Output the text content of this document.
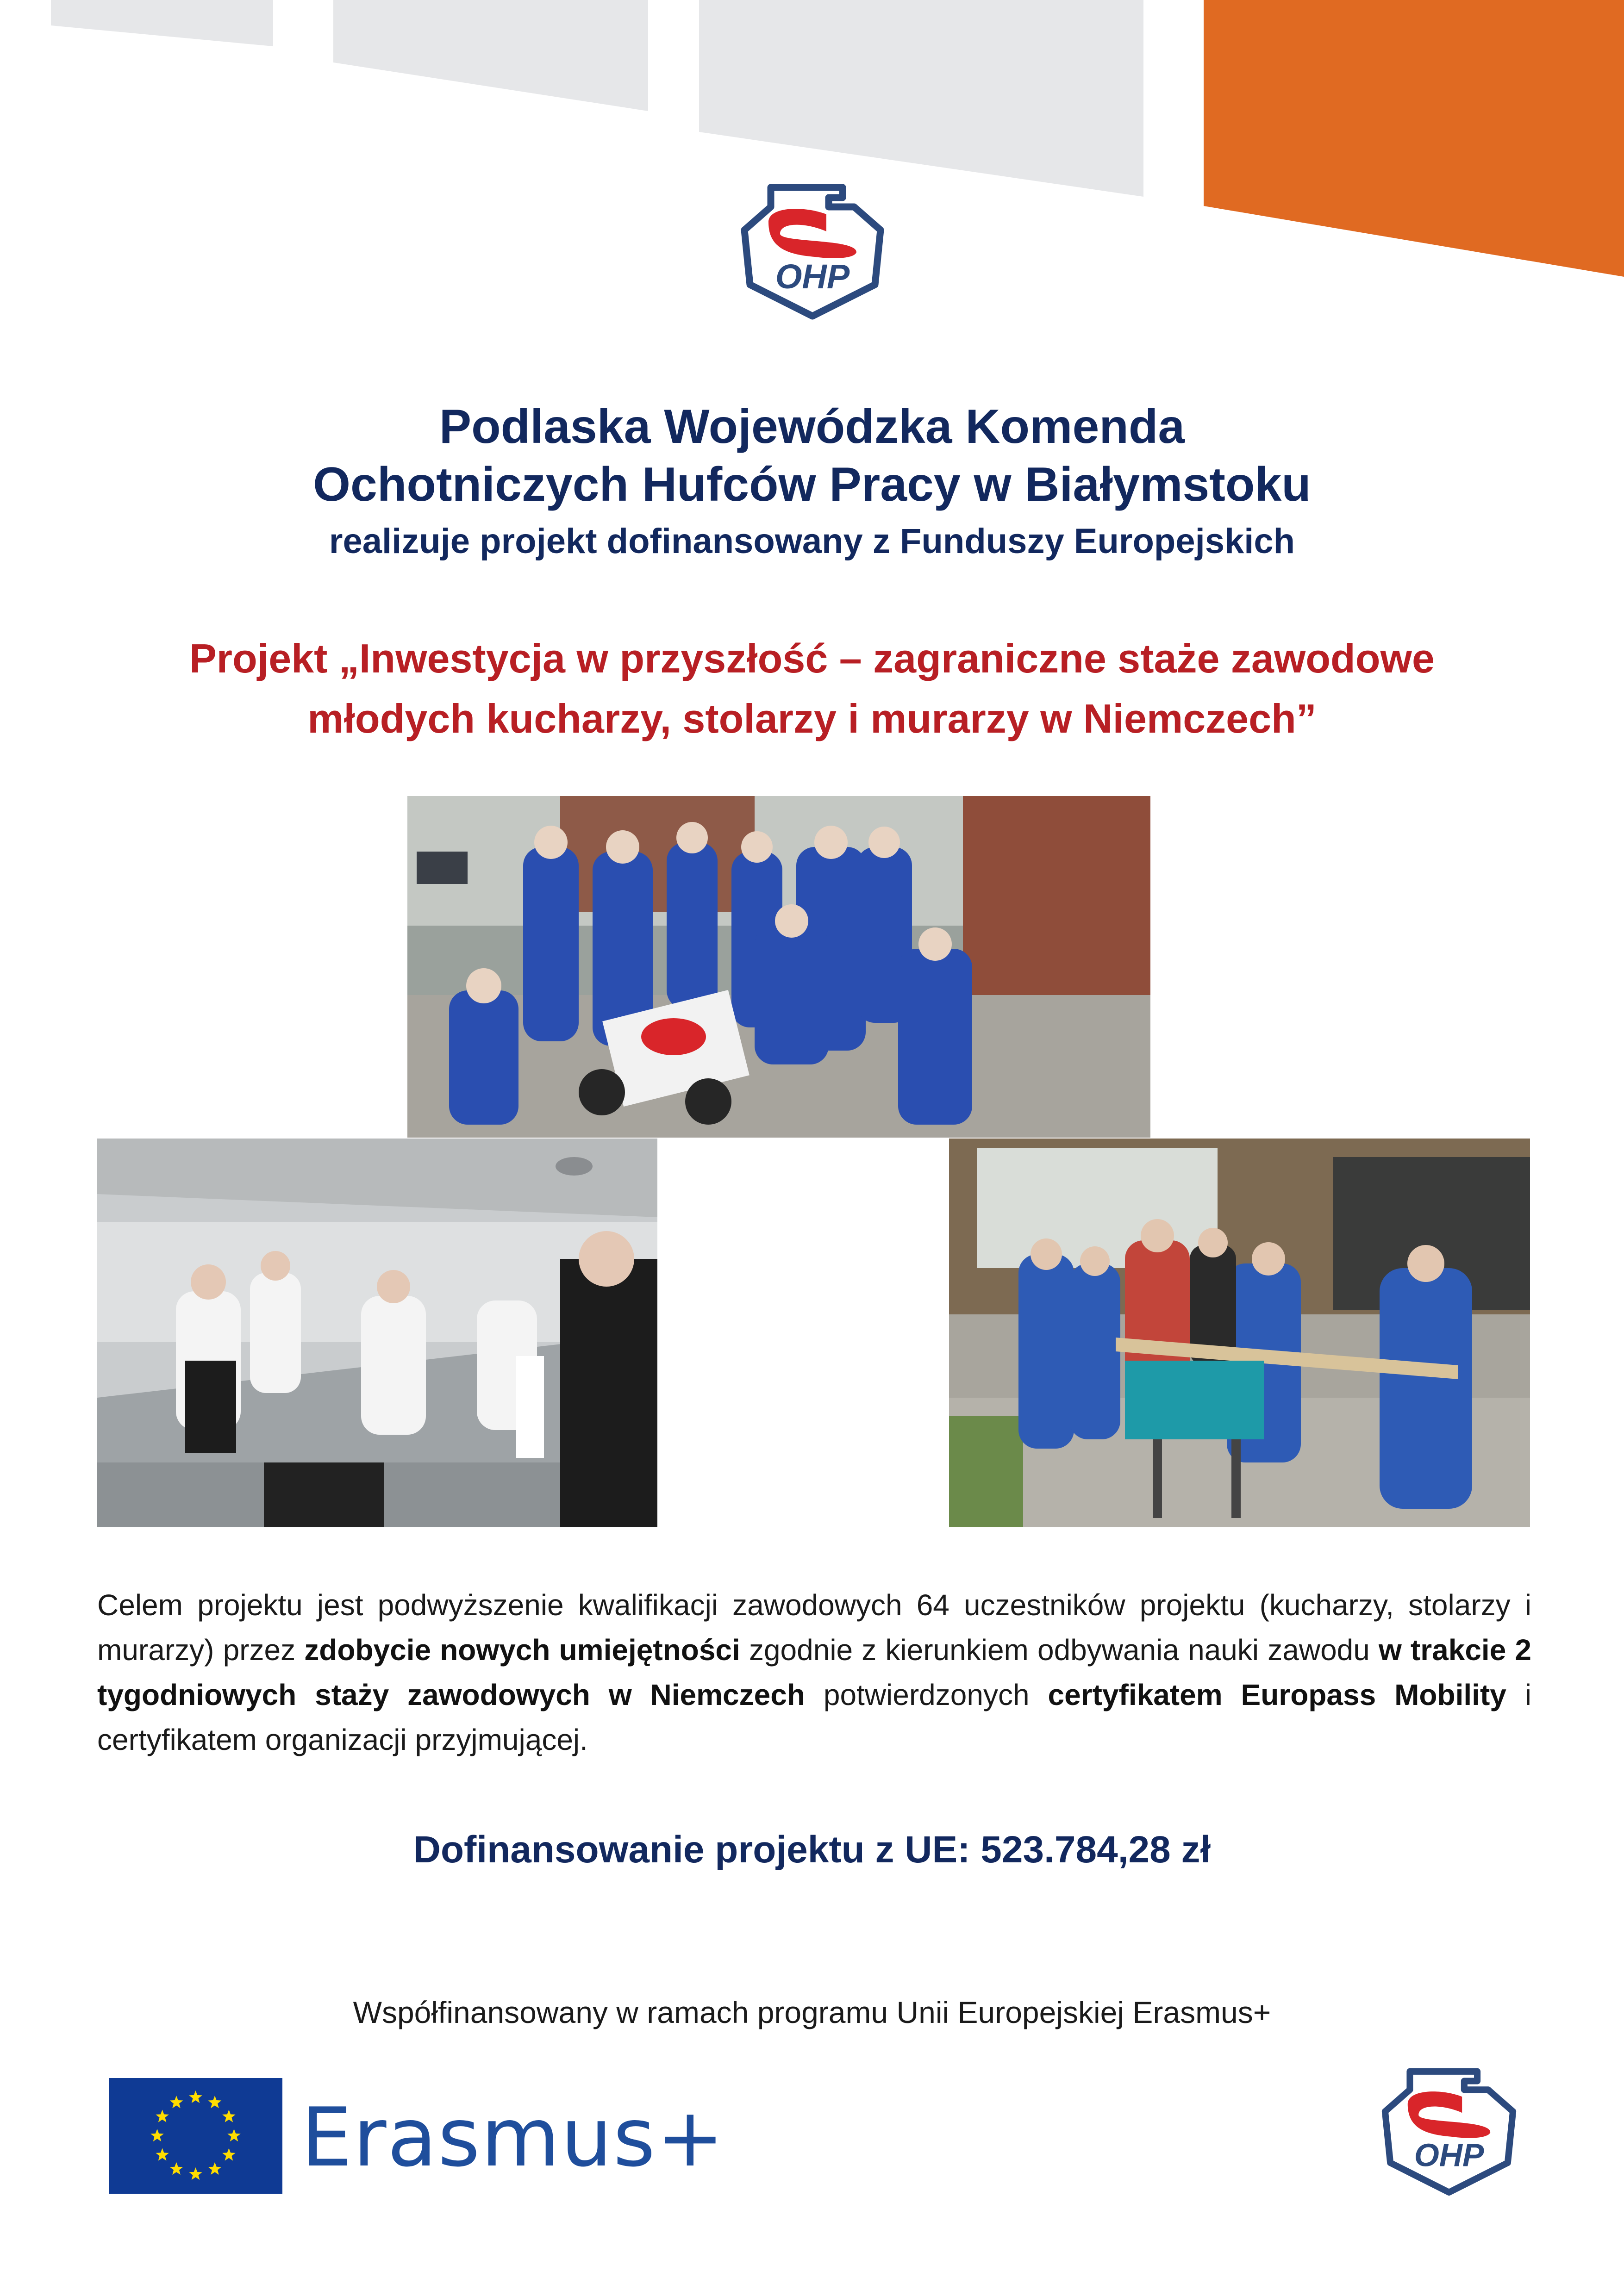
OHP
Podlaska Wojewódzka Komenda
Ochotniczych Hufców Pracy w Białymstoku
realizuje projekt dofinansowany z Funduszy Europejskich
Projekt „Inwestycja w przyszłość – zagraniczne staże zawodowe
młodych kucharzy, stolarzy i murarzy w Niemczech”
Celem projektu jest podwyższenie kwalifikacji zawodowych 64 uczestników projektu (kucharzy, stolarzy i murarzy) przez zdobycie nowych umiejętności zgodnie z kierunkiem odbywania nauki zawodu w trakcie 2 tygodniowych staży zawodowych w Niemczech potwierdzonych certyfikatem Europass Mobility i certyfikatem organizacji przyjmującej.
Dofinansowanie projektu z UE: 523.784,28 zł
Współfinansowany w ramach programu Unii Europejskiej Erasmus+
Erasmus+	OHP
